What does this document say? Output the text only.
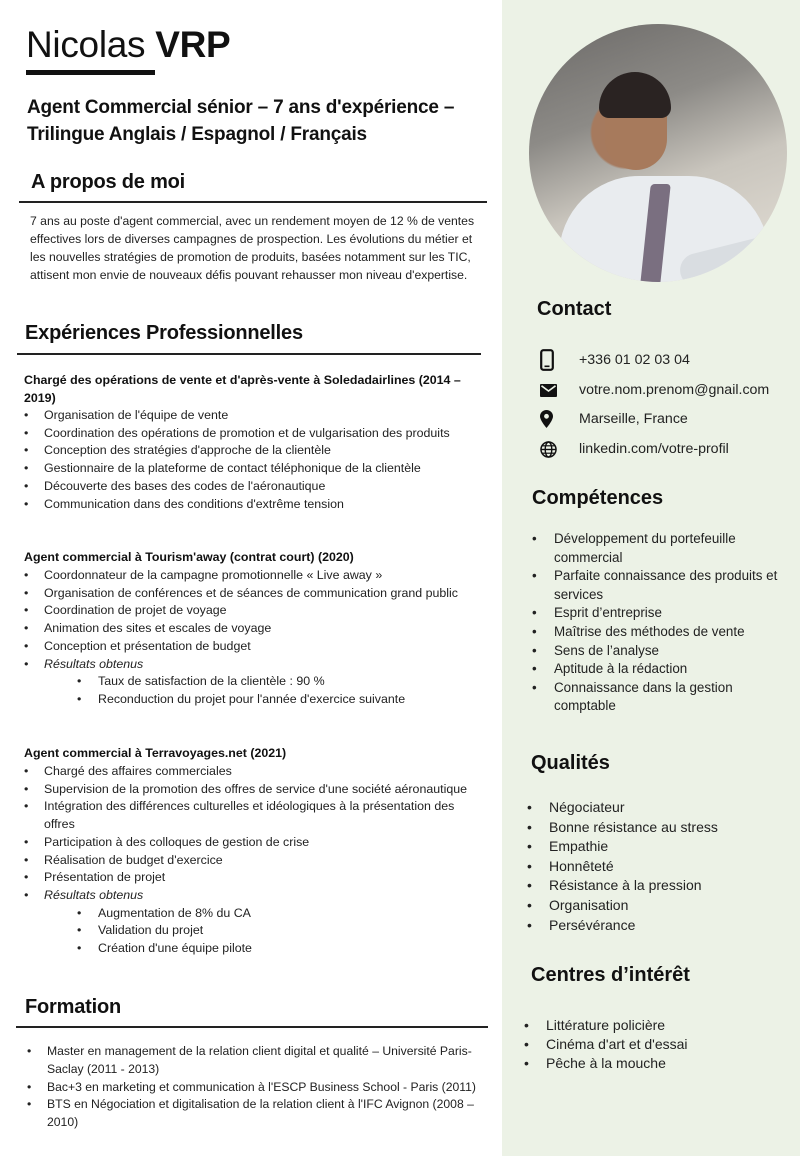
Nicolas VRP
Agent Commercial sénior – 7 ans d'expérience – Trilingue Anglais / Espagnol / Français
A propos de moi

7 ans au poste d'agent commercial, avec un rendement moyen de 12 % de ventes effectives lors de diverses campagnes de prospection. Les évolutions du métier et les nouvelles stratégies de promotion de produits, basées notamment sur les TIC, attisent mon envie de nouveaux défis pouvant rehausser mon niveau d'expertise.

Expériences Professionnelles
Chargé des opérations de vente et d'après-vente à Soledadairlines (2014 – 2019)
• Organisation de l'équipe de vente
• Coordination des opérations de promotion et de vulgarisation des produits
• Conception des stratégies d'approche de la clientèle
• Gestionnaire de la plateforme de contact téléphonique de la clientèle
• Découverte des bases des codes de l'aéronautique
• Communication dans des conditions d'extrême tension
Agent commercial à Tourism'away (contrat court) (2020)
• Coordonnateur de la campagne promotionnelle « Live away »
• Organisation de conférences et de séances de communication grand public
• Coordination de projet de voyage
• Animation des sites et escales de voyage
• Conception et présentation de budget
• Résultats obtenus
• Taux de satisfaction de la clientèle : 90 %
• Reconduction du projet pour l'année d'exercice suivante
Agent commercial à Terravoyages.net (2021)
• Chargé des affaires commerciales
• Supervision de la promotion des offres de service d'une société aéronautique
• Intégration des différences culturelles et idéologiques à la présentation des offres
• Participation à des colloques de gestion de crise
• Réalisation de budget d'exercice
• Présentation de projet
• Résultats obtenus
• Augmentation de 8% du CA
• Validation du projet
• Création d'une équipe pilote
Formation
• Master en management de la relation client digital et qualité – Université Paris-Saclay (2011 - 2013)
• Bac+3 en marketing et communication à l'ESCP Business School - Paris (2011)
• BTS en Négociation et digitalisation de la relation client à l'IFC Avignon (2008 – 2010)
Contact
+336 01 02 03 04
votre.nom.prenom@gnail.com
Marseille, France
linkedin.com/votre-profil
Compétences
• Développement du portefeuille commercial
• Parfaite connaissance des produits et services
• Esprit d’entreprise
• Maîtrise des méthodes de vente
• Sens de l’analyse
• Aptitude à la rédaction
• Connaissance dans la gestion comptable
Qualités
• Négociateur
• Bonne résistance au stress
• Empathie
• Honnêteté
• Résistance à la pression
• Organisation
• Persévérance
Centres d’intérêt
• Littérature policière
• Cinéma d'art et d'essai
• Pêche à la mouche
